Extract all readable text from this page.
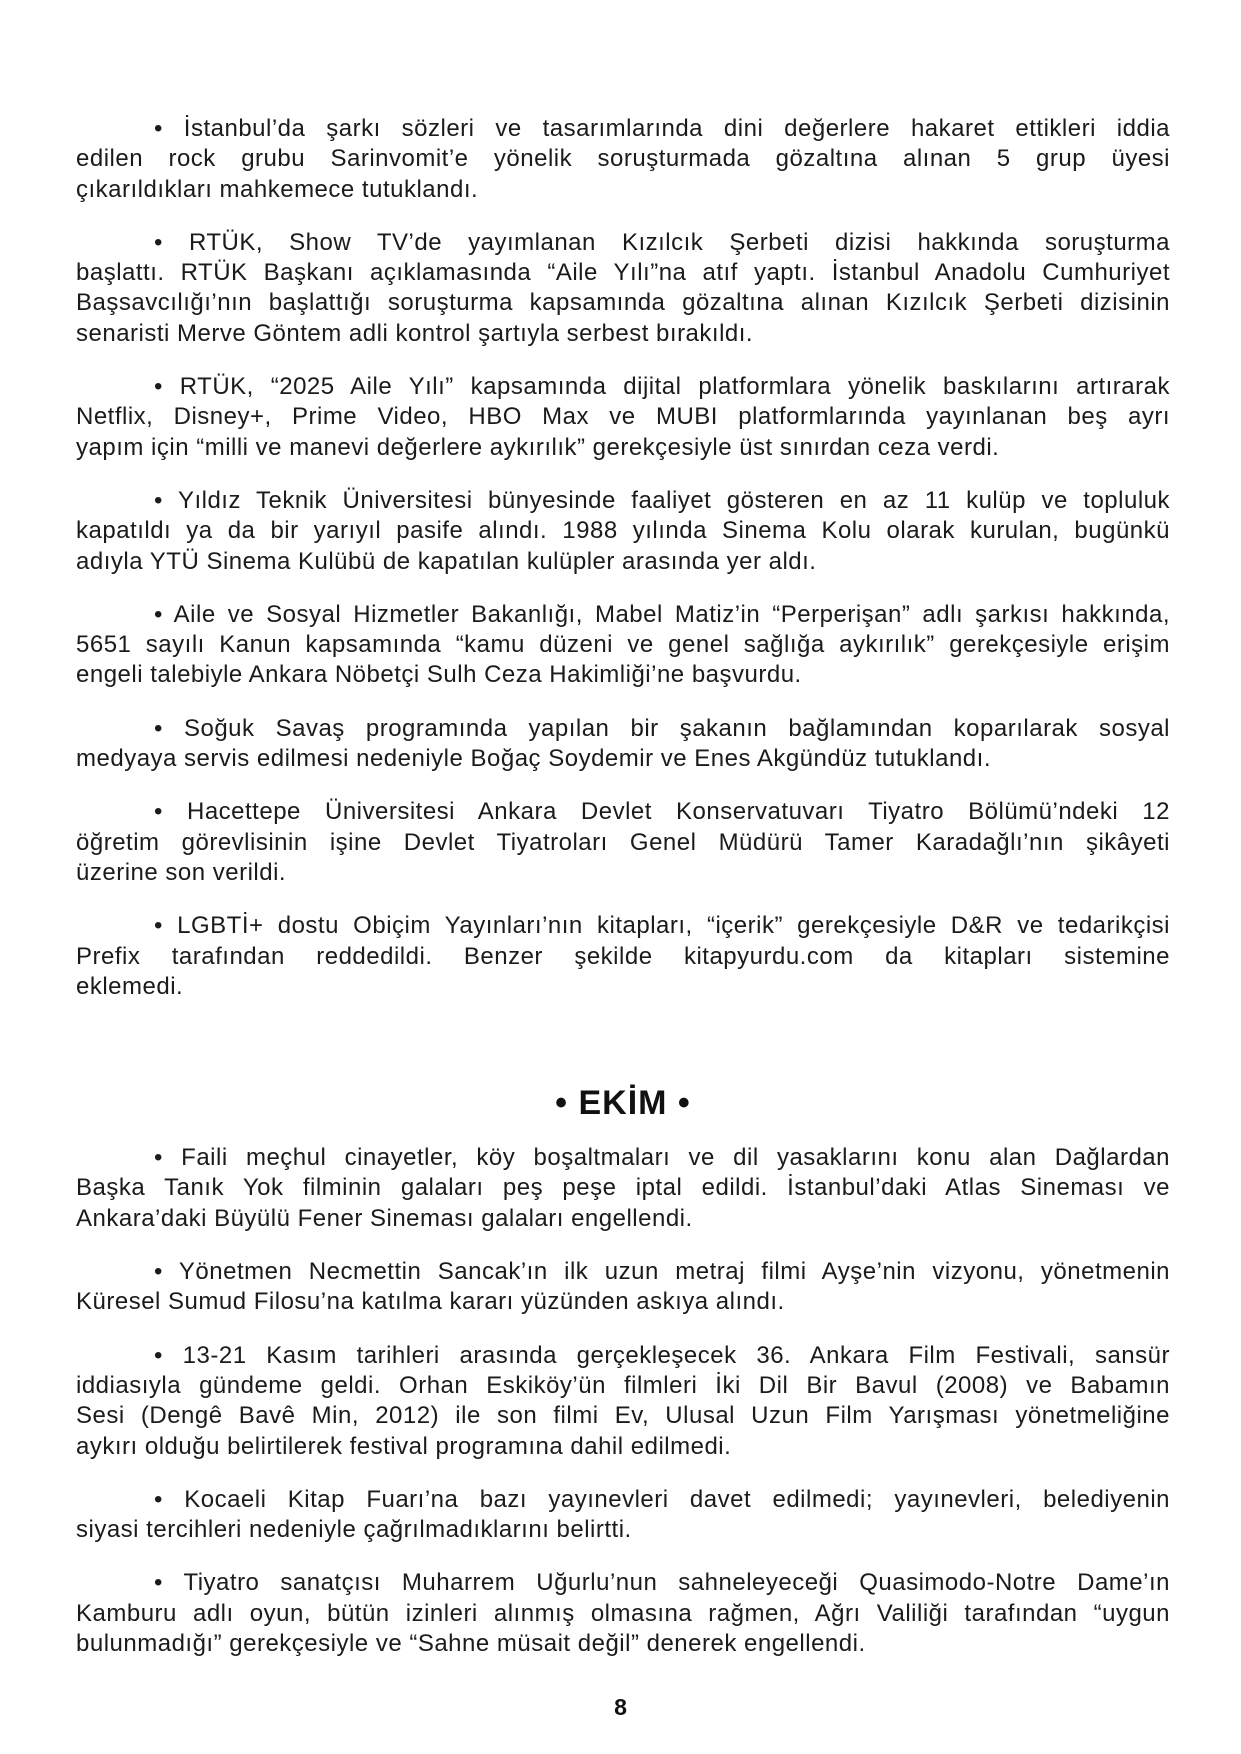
• İstanbul’da şarkı sözleri ve tasarımlarında dini değerlere hakaret ettikleri iddia
edilen rock grubu Sarinvomit’e yönelik soruşturmada gözaltına alınan 5 grup üyesi
çıkarıldıkları mahkemece tutuklandı.
• RTÜK, Show TV’de yayımlanan Kızılcık Şerbeti dizisi hakkında soruşturma
başlattı. RTÜK Başkanı açıklamasında “Aile Yılı”na atıf yaptı. İstanbul Anadolu Cumhuriyet
Başsavcılığı’nın başlattığı soruşturma kapsamında gözaltına alınan Kızılcık Şerbeti dizisinin
senaristi Merve Göntem adli kontrol şartıyla serbest bırakıldı.
• RTÜK, “2025 Aile Yılı” kapsamında dijital platformlara yönelik baskılarını artırarak
Netflix, Disney+, Prime Video, HBO Max ve MUBI platformlarında yayınlanan beş ayrı
yapım için “milli ve manevi değerlere aykırılık” gerekçesiyle üst sınırdan ceza verdi.
• Yıldız Teknik Üniversitesi bünyesinde faaliyet gösteren en az 11 kulüp ve topluluk
kapatıldı ya da bir yarıyıl pasife alındı. 1988 yılında Sinema Kolu olarak kurulan, bugünkü
adıyla YTÜ Sinema Kulübü de kapatılan kulüpler arasında yer aldı.
• Aile ve Sosyal Hizmetler Bakanlığı, Mabel Matiz’in “Perperişan” adlı şarkısı hakkında,
5651 sayılı Kanun kapsamında “kamu düzeni ve genel sağlığa aykırılık” gerekçesiyle erişim
engeli talebiyle Ankara Nöbetçi Sulh Ceza Hakimliği’ne başvurdu.
• Soğuk Savaş programında yapılan bir şakanın bağlamından koparılarak sosyal
medyaya servis edilmesi nedeniyle Boğaç Soydemir ve Enes Akgündüz tutuklandı.
• Hacettepe Üniversitesi Ankara Devlet Konservatuvarı Tiyatro Bölümü’ndeki 12
öğretim görevlisinin işine Devlet Tiyatroları Genel Müdürü Tamer Karadağlı’nın şikâyeti
üzerine son verildi.
• LGBTİ+ dostu Obiçim Yayınları’nın kitapları, “içerik” gerekçesiyle D&R ve tedarikçisi
Prefix tarafından reddedildi. Benzer şekilde kitapyurdu.com da kitapları sistemine
eklemedi.
• EKİM •
• Faili meçhul cinayetler, köy boşaltmaları ve dil yasaklarını konu alan Dağlardan
Başka Tanık Yok filminin galaları peş peşe iptal edildi. İstanbul’daki Atlas Sineması ve
Ankara’daki Büyülü Fener Sineması galaları engellendi.
• Yönetmen Necmettin Sancak’ın ilk uzun metraj filmi Ayşe’nin vizyonu, yönetmenin
Küresel Sumud Filosu’na katılma kararı yüzünden askıya alındı.
• 13-21 Kasım tarihleri arasında gerçekleşecek 36. Ankara Film Festivali, sansür
iddiasıyla gündeme geldi. Orhan Eskiköy’ün filmleri İki Dil Bir Bavul (2008) ve Babamın
Sesi (Dengê Bavê Min, 2012) ile son filmi Ev, Ulusal Uzun Film Yarışması yönetmeliğine
aykırı olduğu belirtilerek festival programına dahil edilmedi.
• Kocaeli Kitap Fuarı’na bazı yayınevleri davet edilmedi; yayınevleri, belediyenin
siyasi tercihleri nedeniyle çağrılmadıklarını belirtti.
• Tiyatro sanatçısı Muharrem Uğurlu’nun sahneleyeceği Quasimodo-Notre Dame’ın
Kamburu adlı oyun, bütün izinleri alınmış olmasına rağmen, Ağrı Valiliği tarafından “uygun
bulunmadığı” gerekçesiyle ve “Sahne müsait değil” denerek engellendi.
8
